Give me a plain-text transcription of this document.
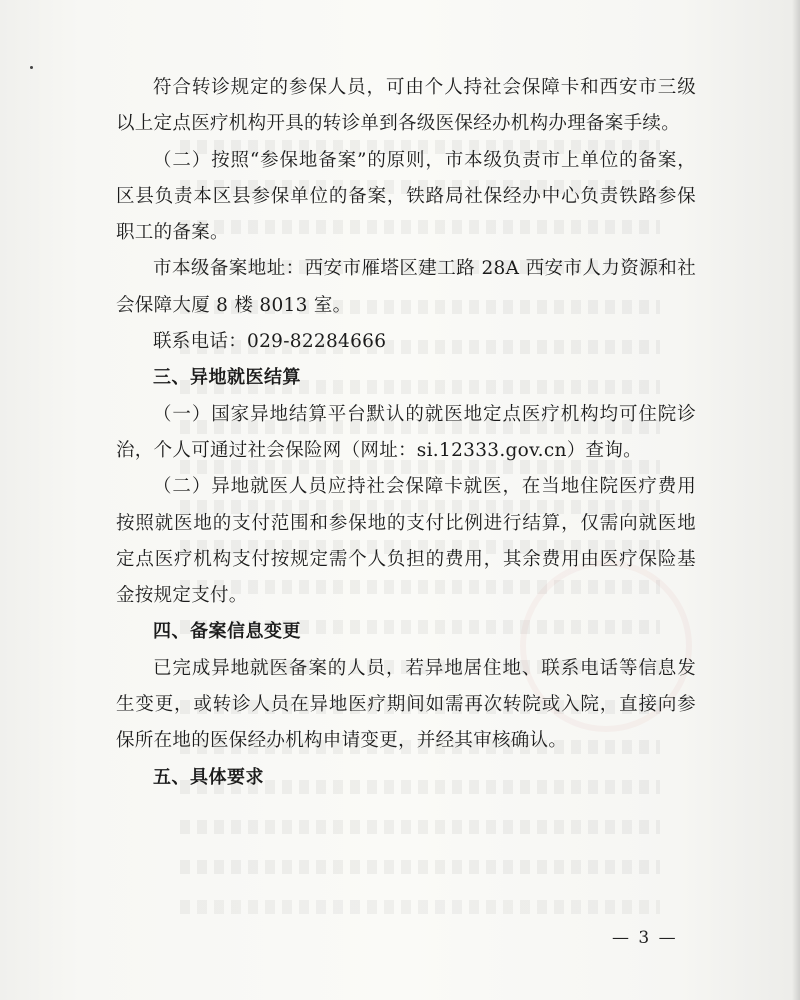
符合转诊规定的参保人员，可由个人持社会保障卡和西安市三级以上定点医疗机构开具的转诊单到各级医保经办机构办理备案手续。

（二）按照“参保地备案”的原则，市本级负责市上单位的备案，区县负责本区县参保单位的备案，铁路局社保经办中心负责铁路参保职工的备案。

市本级备案地址：西安市雁塔区建工路 28A 西安市人力资源和社会保障大厦 8 楼 8013 室。

联系电话：029-82284666

三、异地就医结算

（一）国家异地结算平台默认的就医地定点医疗机构均可住院诊治，个人可通过社会保险网（网址：si.12333.gov.cn）查询。

（二）异地就医人员应持社会保障卡就医，在当地住院医疗费用按照就医地的支付范围和参保地的支付比例进行结算，仅需向就医地定点医疗机构支付按规定需个人负担的费用，其余费用由医疗保险基金按规定支付。

四、备案信息变更

已完成异地就医备案的人员，若异地居住地、联系电话等信息发生变更，或转诊人员在异地医疗期间如需再次转院或入院，直接向参保所在地的医保经办机构申请变更，并经其审核确认。

五、具体要求

— 3 —
